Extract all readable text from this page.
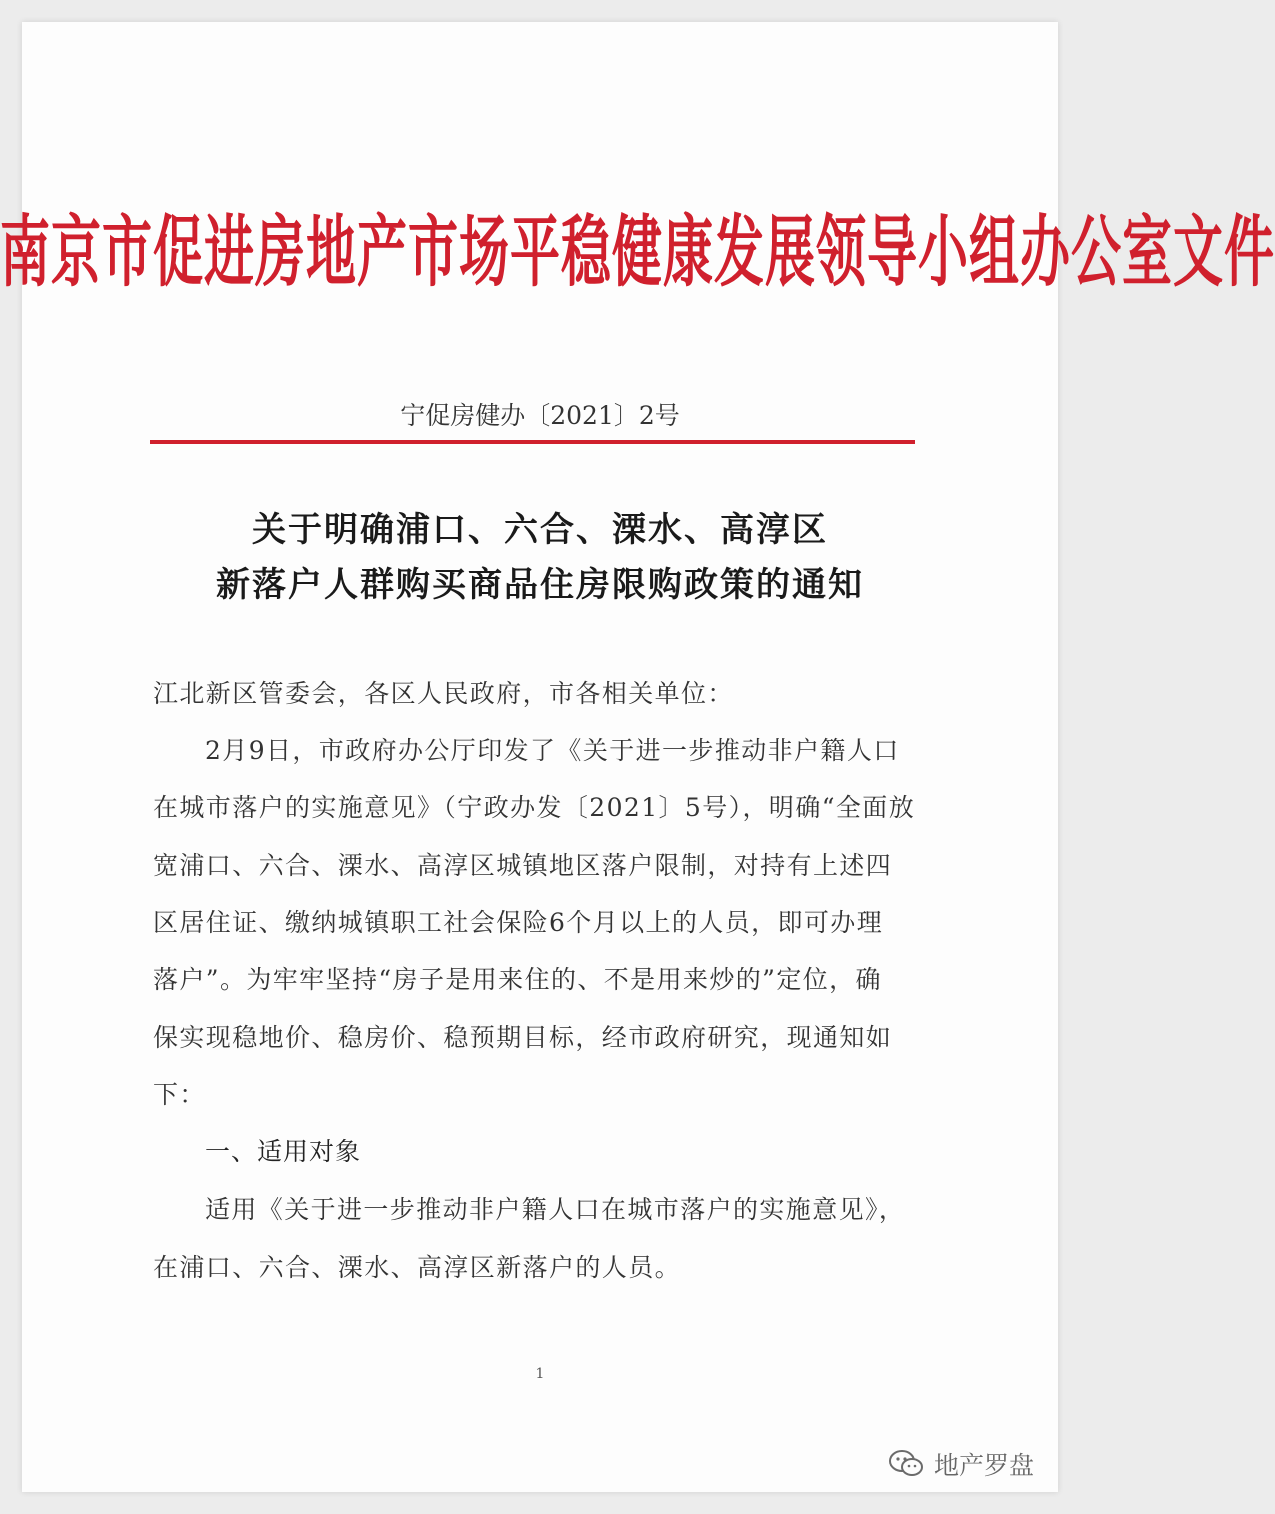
南京市促进房地产市场平稳健康发展领导小组办公室文件
宁促房健办〔2021〕2号
关于明确浦口、六合、溧水、高淳区
新落户人群购买商品住房限购政策的通知
江北新区管委会，各区人民政府，市各相关单位：
2月9日，市政府办公厅印发了《关于进一步推动非户籍人口
在城市落户的实施意见》（宁政办发〔2021〕5号），明确“全面放
宽浦口、六合、溧水、高淳区城镇地区落户限制，对持有上述四
区居住证、缴纳城镇职工社会保险6个月以上的人员，即可办理
落户”。为牢牢坚持“房子是用来住的、不是用来炒的”定位，确
保实现稳地价、稳房价、稳预期目标，经市政府研究，现通知如
下：
一、适用对象
适用《关于进一步推动非户籍人口在城市落户的实施意见》，
在浦口、六合、溧水、高淳区新落户的人员。
1
地产罗盘
